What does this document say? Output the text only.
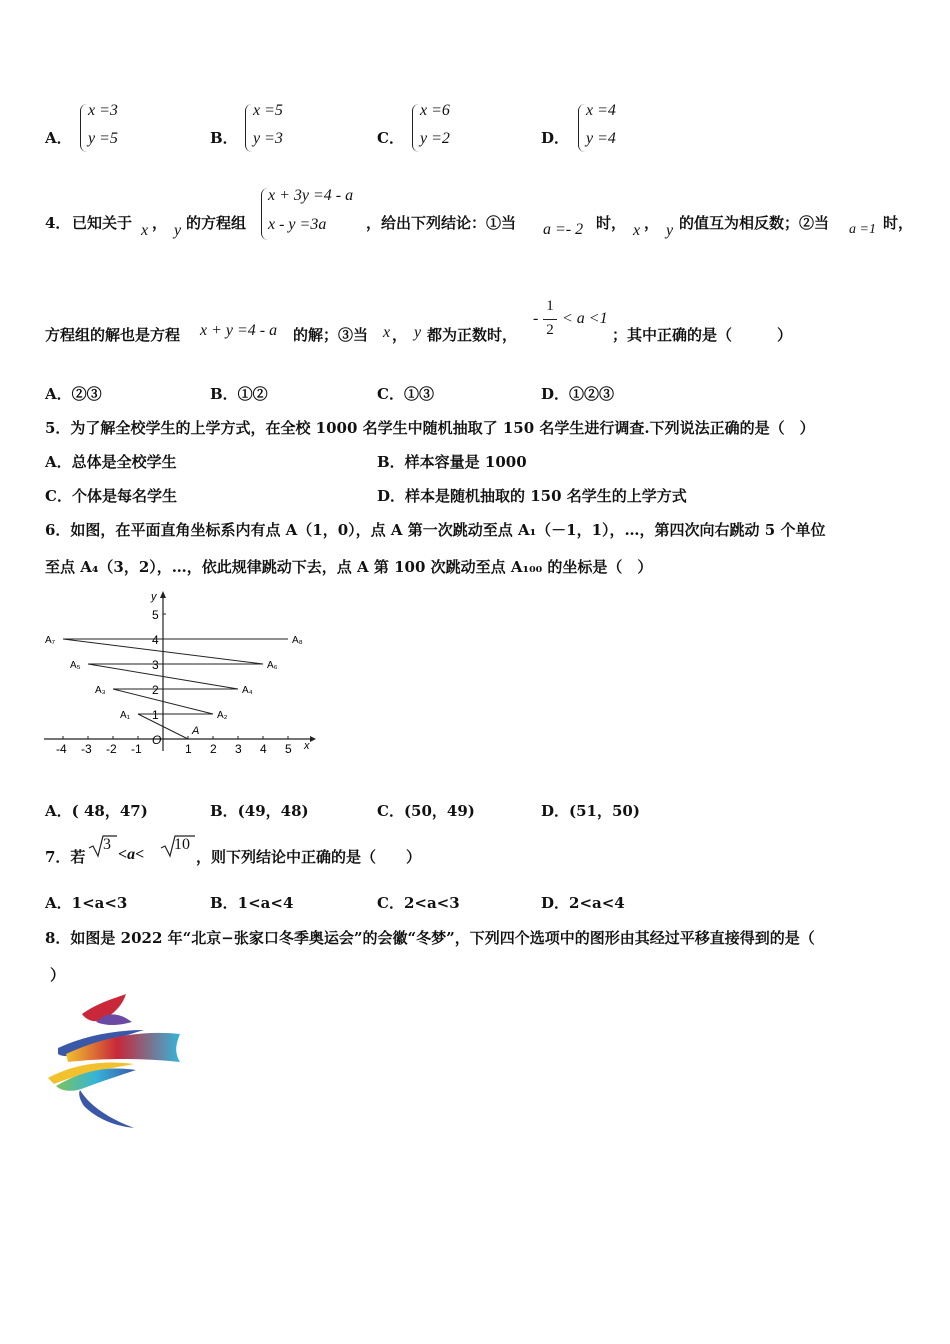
A．
x =3
y =5	B．
x =5
y =3	C．
x =6
y =2	D．
x =4
y =4
4． 已知关于 x ， y 的方程组
x + 3y =4 - a
x - y =3a	，给出下列结论：①当 a =- 2 时， x ， y 的值互为相反数；②当 a =1 时，
方程组的解也是方程 x + y =4 - a 的解；③当 x ， y 都为正数时，
-
1
2
< a <1
；其中正确的是（　　　）
A．②③	B．①②	C．①③	D．①②③
5．为了解全校学生的上学方式，在全校 1000 名学生中随机抽取了 150 名学生进行调查.下列说法正确的是（　）
A．总体是全校学生	B．样本容量是 1000
C．个体是每名学生	D．样本是随机抽取的 150 名学生的上学方式
6．如图，在平面直角坐标系内有点 A（1，0），点 A 第一次跳动至点 A₁（－1，1），…，第四次向右跳动 5 个单位
至点 A₄（3，2），…，依此规律跳动下去，点 A 第 100 次跳动至点 A₁₀₀ 的坐标是（　）
x
y
O
-4 -3 -2 -1	1 2 3 4 5
1
2
3
4
5
A
A₁	A₂
A₃	A₄
A₅	A₆
A₇	A₈
A．( 48，47)	B．(49，48)	C．(50，49)	D．(51，50)
7．若
3
<a<
10
，则下列结论中正确的是（　　）
A．1<a<3	B．1<a<4	C．2<a<3	D．2<a<4
8．如图是 2022 年“北京−张家口冬季奥运会”的会徽“冬梦”，下列四个选项中的图形由其经过平移直接得到的是（
）
